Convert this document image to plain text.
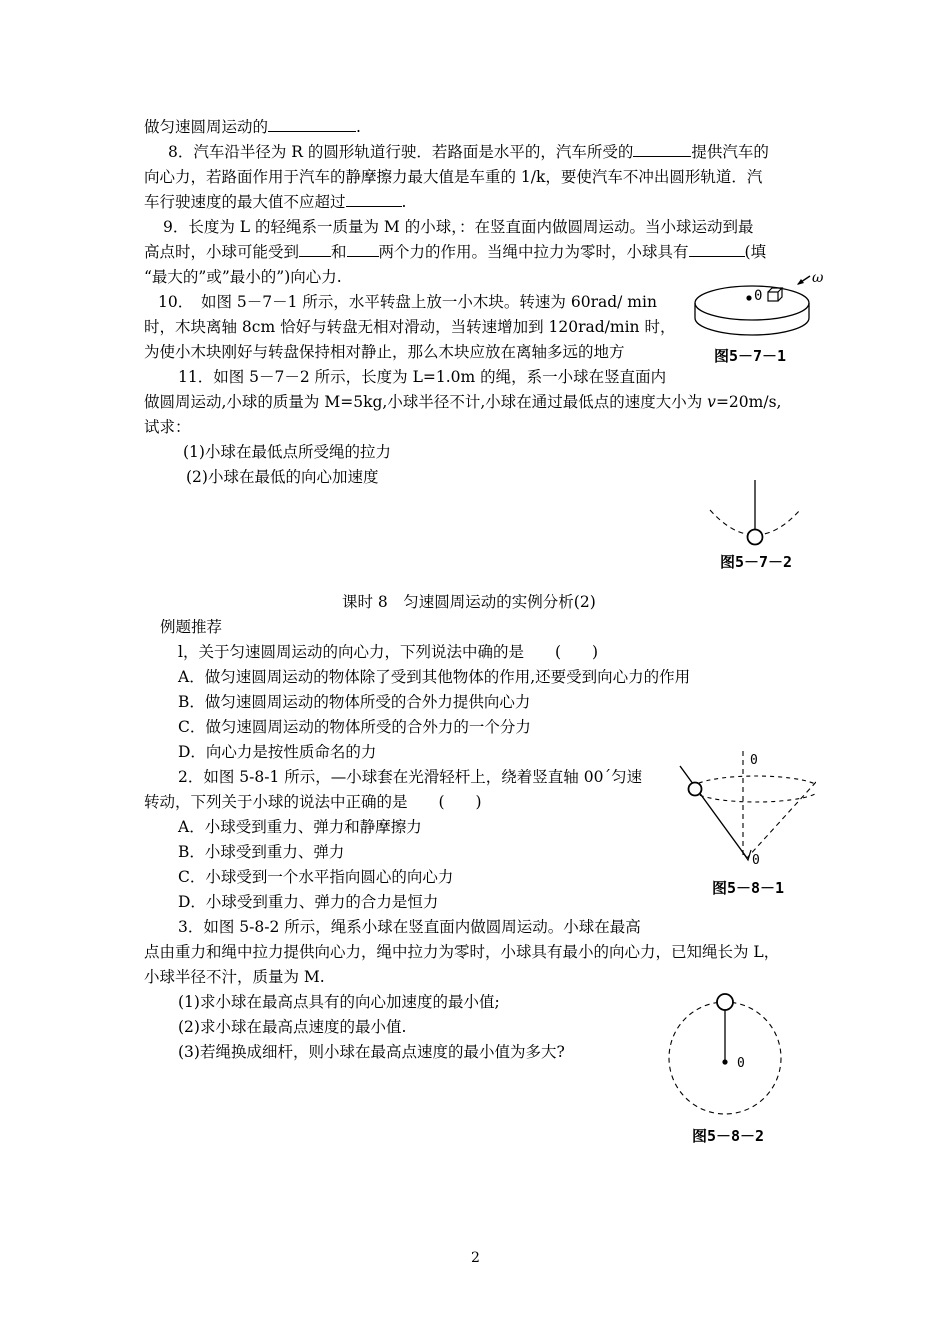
做匀速圆周运动的	.
8．汽车沿半径为 R 的圆形轨道行驶．若路面是水平的，汽车所受的	提供汽车的
向心力，若路面作用于汽车的静摩擦力最大值是车重的 1/k，要使汽车不冲出圆形轨道．汽
车行驶速度的最大值不应超过	.
9．长度为 L 的轻绳系一质量为 M 的小球，：在竖直面内做圆周运动。当小球运动到最
高点时，小球可能受到 和 两个力的作用。当绳中拉力为零时，小球具有	(填
“最大的”或”最小的”)向心力.
10．　如图 5－7－1 所示，水平转盘上放一小木块。转速为 60rad/ min
时，木块离轴 8cm 恰好与转盘无相对滑动，当转速增加到 120rad/min 时，
为使小木块刚好与转盘保持相对静止，那么木块应放在离轴多远的地方
11．如图 5－7－2 所示，长度为 L=1.0m 的绳，系一小球在竖直面内
做圆周运动,小球的质量为 M=5kg,小球半径不计,小球在通过最低点的速度大小为 v=20m/s,
试求：
(1)小球在最低点所受绳的拉力
(2)小球在最低的向心加速度
课时 8　匀速圆周运动的实例分析(2)
例题推荐
l，关于匀速圆周运动的向心力，下列说法中确的是　　(　　)
A．做匀速圆周运动的物体除了受到其他物体的作用,还要受到向心力的作用
B．做匀速圆周运动的物体所受的合外力提供向心力
C．做匀速圆周运动的物体所受的合外力的一个分力
D．向心力是按性质命名的力
2．如图 5-8-1 所示，—小球套在光滑轻杆上，绕着竖直轴 00´匀速
转动，下列关于小球的说法中正确的是　　(　　)
A．小球受到重力、弹力和静摩擦力
B．小球受到重力、弹力
C．小球受到一个水平指向圆心的向心力
D．小球受到重力、弹力的合力是恒力
3．如图 5-8-2 所示，绳系小球在竖直面内做圆周运动。小球在最高
点由重力和绳中拉力提供向心力，绳中拉力为零时，小球具有最小的向心力，已知绳长为 L，
小球半径不汁，质量为 M.
(1)求小球在最高点具有的向心加速度的最小值;
(2)求小球在最高点速度的最小值.
(3)若绳换成细杆，则小球在最高点速度的最小值为多大?
0
ω
图5－7－1
图5－7－2
0
0
图5－8－1
0
图5－8－2
2
